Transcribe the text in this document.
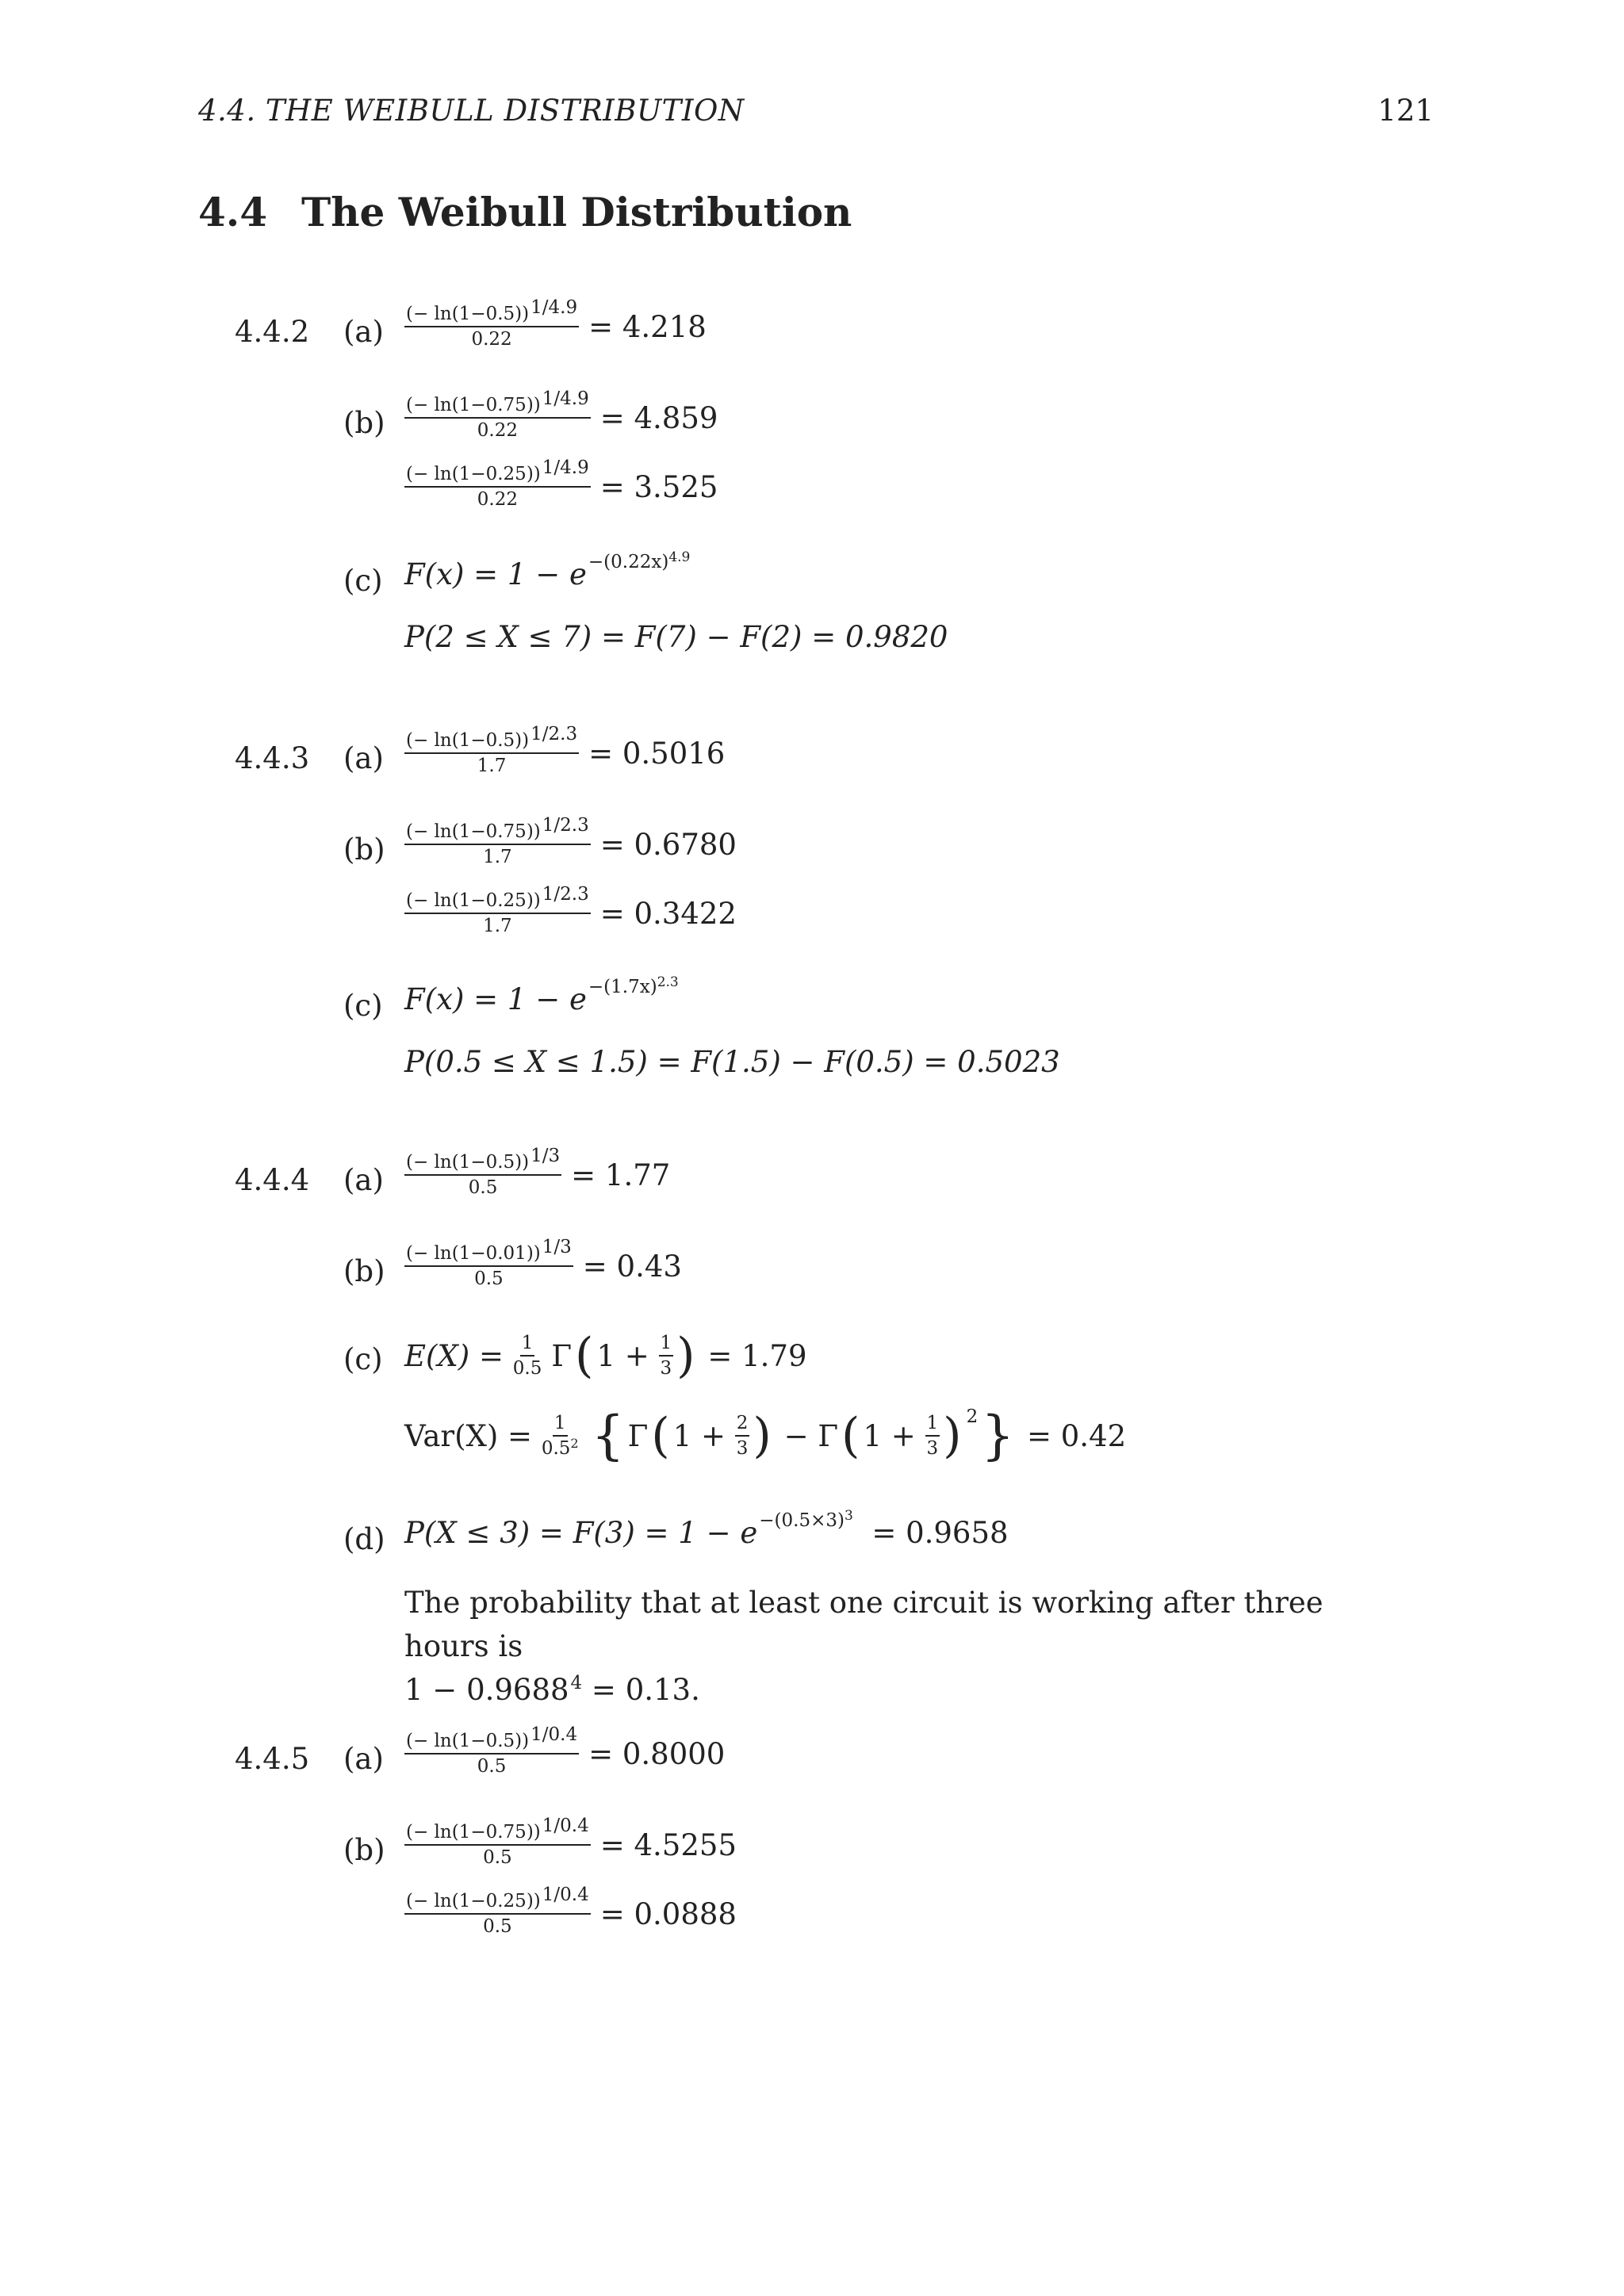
4.4. THE WEIBULL DISTRIBUTION	121
4.4 The Weibull Distribution
4.4.2 $(a) \frac{(- \ln(1-0.5))1/4.9}{0.22} = 4.218$
$(b) \frac{(- \ln(1-0.75))1/4.9}{0.22} = 4.859$
$\frac{(- \ln(1-0.25))1/4.9}{0.22} = 3.525$
(c) $F(x) = 1 - e -(0.22x)^{4.9}$
P(2 ≤ X ≤ 7) = F(7) − F(2) = 0.9820
4.4.3 $(a) \frac{(- \ln(1-0.5))1/2.3}{1.7} = 0.5016$
$(b) \frac{(- \ln(1-0.75))1/2.3}{1.7} = 0.6780$
$\frac{(- \ln(1-0.25))1/2.3}{1.7} = 0.3422$
(c) $F(x) = 1 - e -(1.7x)^{2.3}$
P(0.5 ≤ X ≤ 1.5) = F(1.5) − F(0.5) = 0.5023
4.4.4 $(a) \frac{(- \ln(1-0.5))1/3}{0.5} = 1.77$
$(b) \frac{(- \ln(1-0.01))1/3}{0.5} = 0.43$
(c) E(X) =
$\frac{1}{0.5}$ Γ ( 1 +
$\frac{1}{3}$ )
= 1.79
Var(X) =
$\frac{1}{0.5^2}$ { Γ ( 1 +
$\frac{2}{3}$ )
− Γ ( 1 +
$\frac{1}{3}$ ) 2 }
= 0.42
(d) $P(X \le 3) = F(3) = 1 - e -(0.5\times 3)^3$

= 0.9658
The probability that at least one circuit is working after three hours is
$1 - 0.9688^4 = 0.13$.
4.4.5 $(a) \frac{(- \ln(1-0.5))1/0.4}{0.5} = 0.8000$
$(b) \frac{(- \ln(1-0.75))1/0.4}{0.5} = 4.5255$
$\frac{(- \ln(1-0.25))1/0.4}{0.5} = 0.0888$
